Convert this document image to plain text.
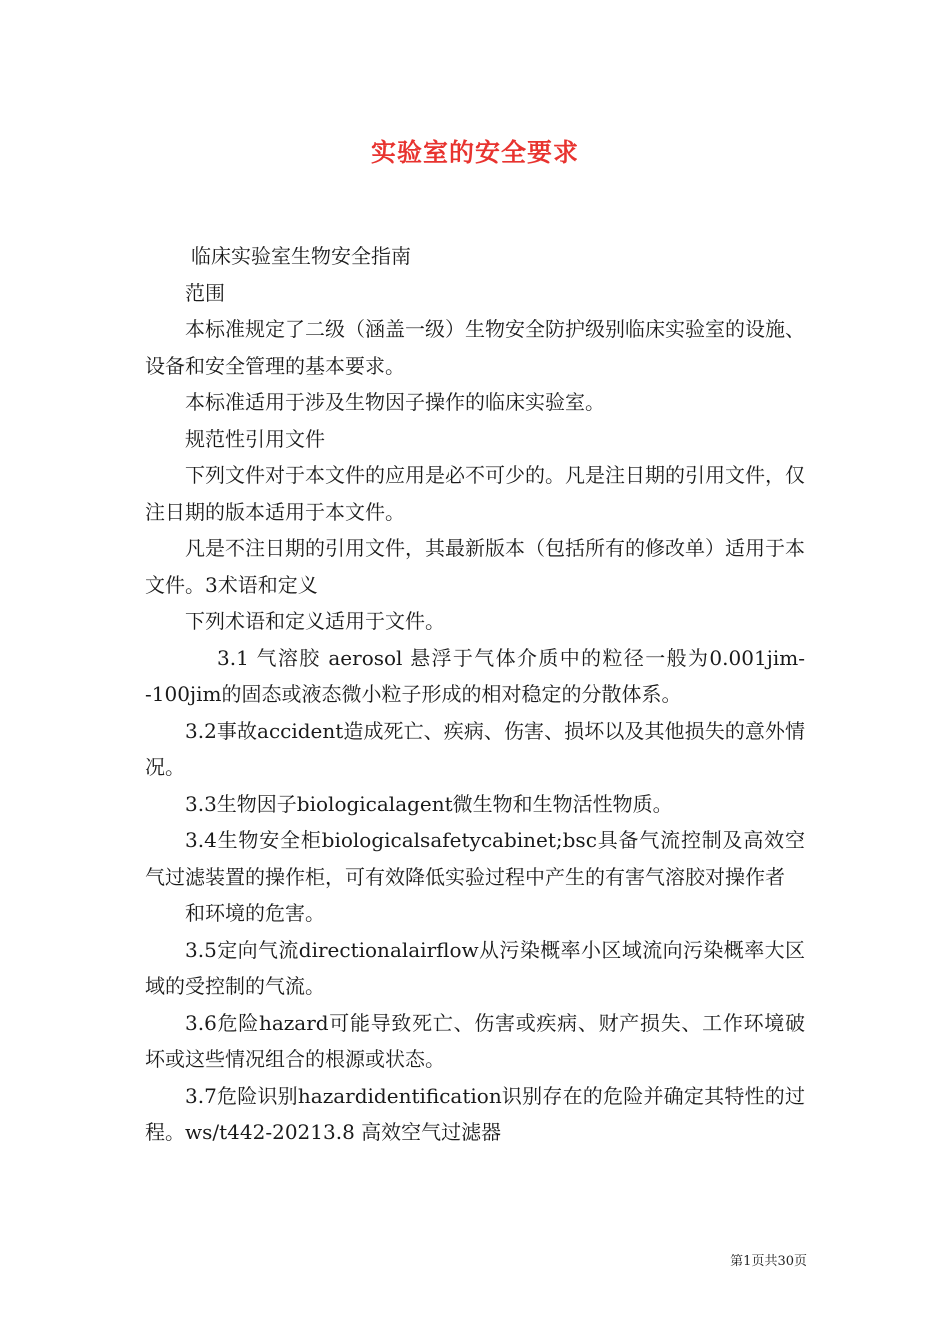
实验室的安全要求

临床实验室生物安全指南

范围

本标准规定了二级（涵盖一级）生物安全防护级别临床实验室的设施、设备和安全管理的基本要求。

本标准适用于涉及生物因子操作的临床实验室。

规范性引用文件

下列文件对于本文件的应用是必不可少的。凡是注日期的引用文件，仅注日期的版本适用于本文件。

凡是不注日期的引用文件，其最新版本（包括所有的修改单）适用于本文件。3术语和定义

下列术语和定义适用于文件。

3.1 气溶胶 aerosol 悬浮于气体介质中的粒径一般为0.001jim--100jim的固态或液态微小粒子形成的相对稳定的分散体系。

3.2事故accident造成死亡、疾病、伤害、损坏以及其他损失的意外情况。

3.3生物因子biologicalagent微生物和生物活性物质。

3.4生物安全柜biologicalsafetycabinet;bsc具备气流控制及高效空气过滤装置的操作柜，可有效降低实验过程中产生的有害气溶胶对操作者

和环境的危害。

3.5定向气流directionalairflow从污染概率小区域流向污染概率大区域的受控制的气流。

3.6危险hazard可能导致死亡、伤害或疾病、财产损失、工作环境破坏或这些情况组合的根源或状态。

3.7危险识别hazardidentification识别存在的危险并确定其特性的过程。ws/t442-20213.8 高效空气过滤器

第1页共30页
